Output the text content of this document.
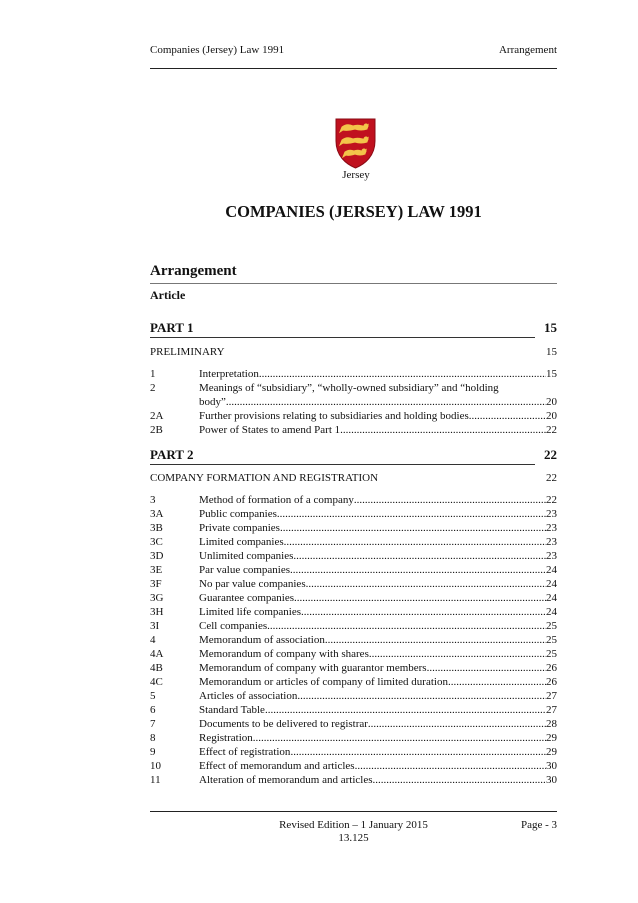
Companies (Jersey) Law 1991	Arrangement
Jersey
COMPANIES (JERSEY) LAW 1991
Arrangement
Article
PART 1	15
PRELIMINARY	15
1	Interpretation .....	15
2	Meanings of “subsidiary”, “wholly-owned subsidiary” and “holding
body” .....	20
2A	Further provisions relating to subsidiaries and holding bodies .....	20
2B	Power of States to amend Part 1 .....	22
PART 2	22
COMPANY FORMATION AND REGISTRATION	22
3	Method of formation of a company .....	22
3A	Public companies .....	23
3B	Private companies .....	23
3C	Limited companies .....	23
3D	Unlimited companies .....	23
3E	Par value companies .....	24
3F	No par value companies .....	24
3G	Guarantee companies .....	24
3H	Limited life companies .....	24
3I	Cell companies .....	25
4	Memorandum of association .....	25
4A	Memorandum of company with shares .....	25
4B	Memorandum of company with guarantor members .....	26
4C	Memorandum or articles of company of limited duration .....	26
5	Articles of association .....	27
6	Standard Table .....	27
7	Documents to be delivered to registrar .....	28
8	Registration .....	29
9	Effect of registration .....	29
10	Effect of memorandum and articles .....	30
11	Alteration of memorandum and articles .....	30
Revised Edition – 1 January 2015
13.125
Page - 3
